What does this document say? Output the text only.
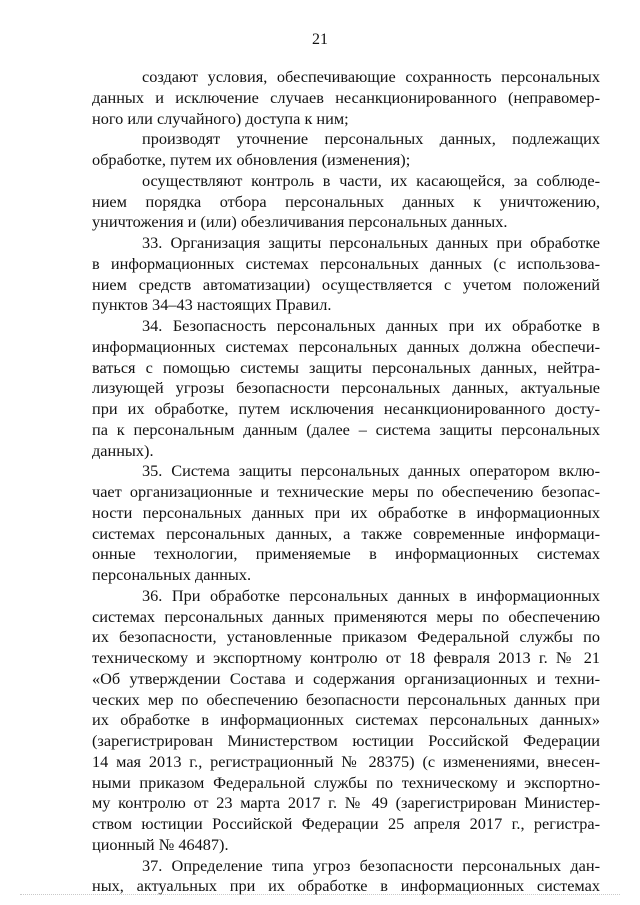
21
создают условия, обеспечивающие сохранность персональных
данных и исключение случаев несанкционированного (неправомер-
ного или случайного) доступа к ним;
производят уточнение персональных данных, подлежащих
обработке, путем их обновления (изменения);
осуществляют контроль в части, их касающейся, за соблюде-
нием порядка отбора персональных данных к уничтожению,
уничтожения и (или) обезличивания персональных данных.
33. Организация защиты персональных данных при обработке
в информационных системах персональных данных (с использова-
нием средств автоматизации) осуществляется с учетом положений
пунктов 34–43 настоящих Правил.
34. Безопасность персональных данных при их обработке в
информационных системах персональных данных должна обеспечи-
ваться с помощью системы защиты персональных данных, нейтра-
лизующей угрозы безопасности персональных данных, актуальные
при их обработке, путем исключения несанкционированного досту-
па к персональным данным (далее – система защиты персональных
данных).
35. Система защиты персональных данных оператором вклю-
чает организационные и технические меры по обеспечению безопас-
ности персональных данных при их обработке в информационных
системах персональных данных, а также современные информаци-
онные технологии, применяемые в информационных системах
персональных данных.
36. При обработке персональных данных в информационных
системах персональных данных применяются меры по обеспечению
их безопасности, установленные приказом Федеральной службы по
техническому и экспортному контролю от 18 февраля 2013 г. № 21
«Об утверждении Состава и содержания организационных и техни-
ческих мер по обеспечению безопасности персональных данных при
их обработке в информационных системах персональных данных»
(зарегистрирован Министерством юстиции Российской Федерации
14 мая 2013 г., регистрационный № 28375) (с изменениями, внесен-
ными приказом Федеральной службы по техническому и экспортно-
му контролю от 23 марта 2017 г. № 49 (зарегистрирован Министер-
ством юстиции Российской Федерации 25 апреля 2017 г., регистра-
ционный № 46487).
37. Определение типа угроз безопасности персональных дан-
ных, актуальных при их обработке в информационных системах
